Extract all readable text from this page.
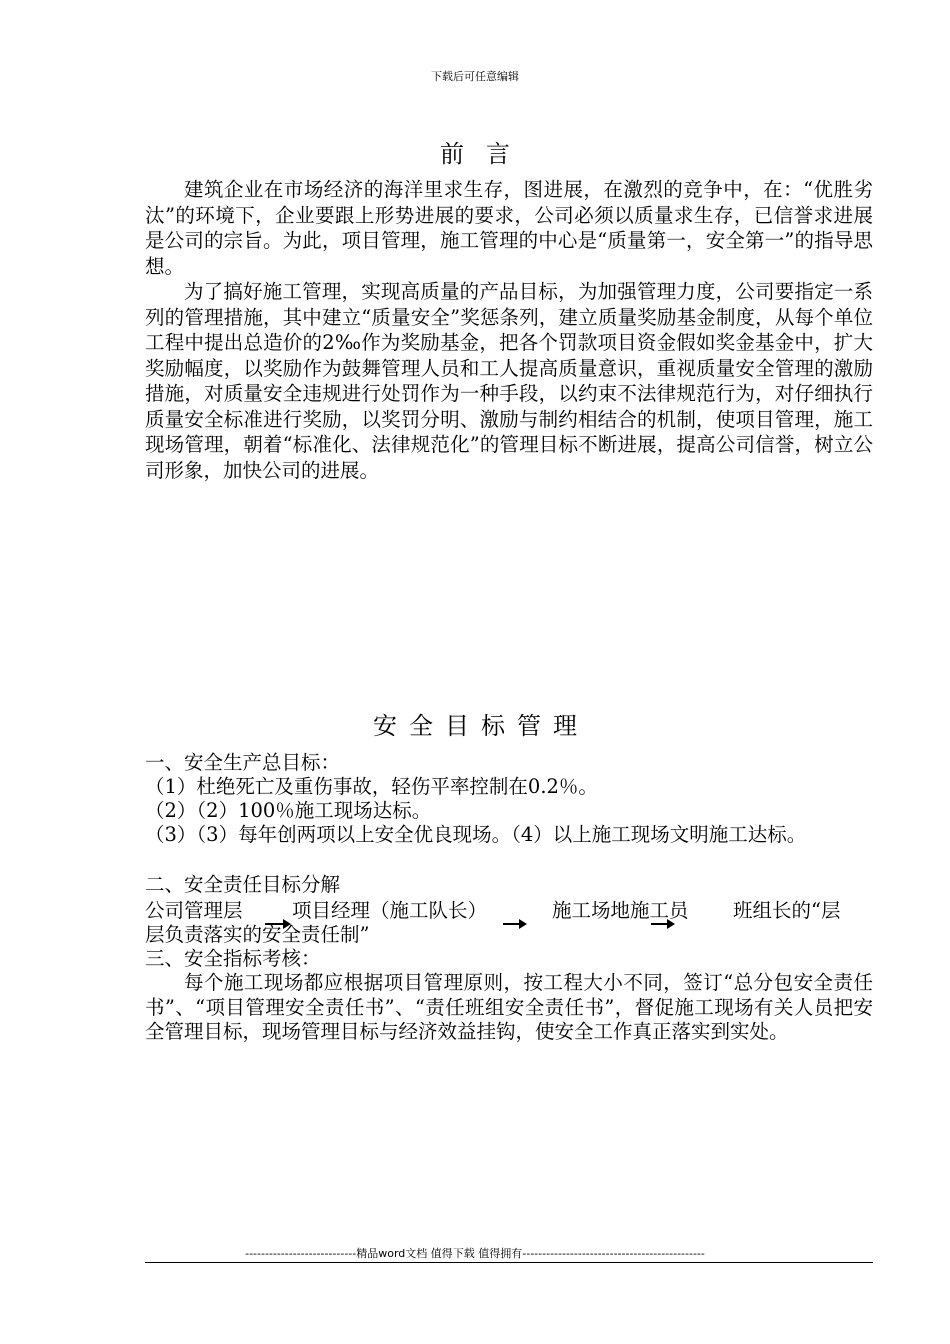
下载后可任意编辑
前言
建筑企业在市场经济的海洋里求生存，图进展，在激烈的竞争中，在：“优胜劣汰”的环境下，企业要跟上形势进展的要求，公司必须以质量求生存，已信誉求进展是公司的宗旨。为此，项目管理，施工管理的中心是“质量第一，安全第一”的指导思想。
为了搞好施工管理，实现高质量的产品目标，为加强管理力度，公司要指定一系列的管理措施，其中建立“质量安全”奖惩条列，建立质量奖励基金制度，从每个单位工程中提出总造价的2‰作为奖励基金，把各个罚款项目资金假如奖金基金中，扩大奖励幅度，以奖励作为鼓舞管理人员和工人提高质量意识，重视质量安全管理的激励措施，对质量安全违规进行处罚作为一种手段，以约束不法律规范行为，对仔细执行质量安全标准进行奖励，以奖罚分明、激励与制约相结合的机制，使项目管理，施工现场管理，朝着“标准化、法律规范化”的管理目标不断进展，提高公司信誉，树立公司形象，加快公司的进展。
安全目标管理
一、安全生产总目标：
（1）杜绝死亡及重伤事故，轻伤平率控制在0.2％。
（2）（2）100％施工现场达标。
（3）（3）每年创两项以上安全优良现场。（4）以上施工现场文明施工达标。
二、安全责任目标分解
公司管理层	项目经理（施工队长）	施工场地施工员 班组长的“层
层负责落实的安全责任制”
三、安全指标考核：
每个施工现场都应根据项目管理原则，按工程大小不同，签订“总分包安全责任书”、“项目管理安全责任书”、“责任班组安全责任书”，督促施工现场有关人员把安全管理目标，现场管理目标与经济效益挂钩，使安全工作真正落实到实处。
----------------------------精品word文档 值得下载 值得拥有----------------------------------------------
